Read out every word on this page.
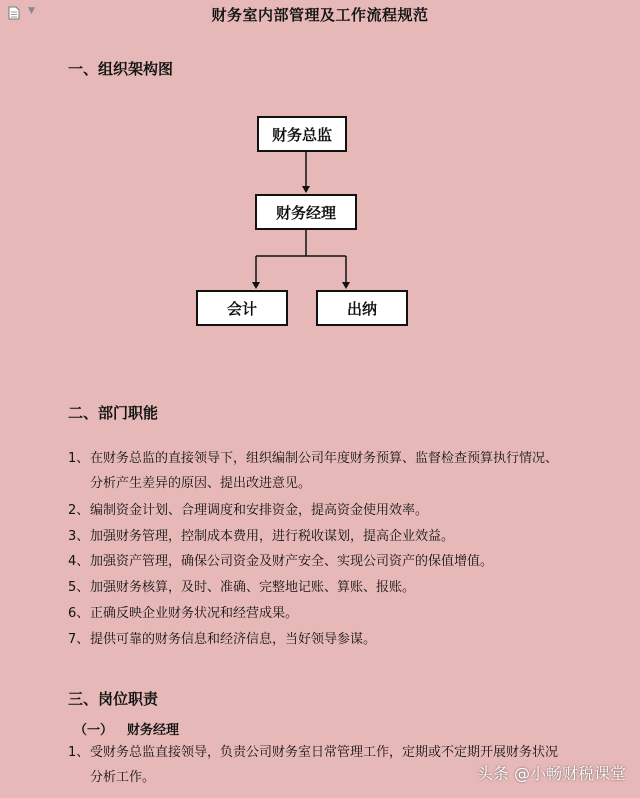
▼	财务室内部管理及工作流程规范
一、组织架构图
财务总监
财务经理
会计	出纳
二、部门职能
1、在财务总监的直接领导下，组织编制公司年度财务预算、监督检查预算执行情况、
分析产生差异的原因、提出改进意见。
2、编制资金计划、合理调度和安排资金，提高资金使用效率。
3、加强财务管理，控制成本费用，进行税收谋划，提高企业效益。
4、加强资产管理，确保公司资金及财产安全、实现公司资产的保值增值。
5、加强财务核算，及时、准确、完整地记账、算账、报账。
6、正确反映企业财务状况和经营成果。
7、提供可靠的财务信息和经济信息，当好领导参谋。
三、岗位职责
（一） 财务经理
1、受财务总监直接领导，负责公司财务室日常管理工作，定期或不定期开展财务状况
分析工作。	头条 @小畅财税课堂
